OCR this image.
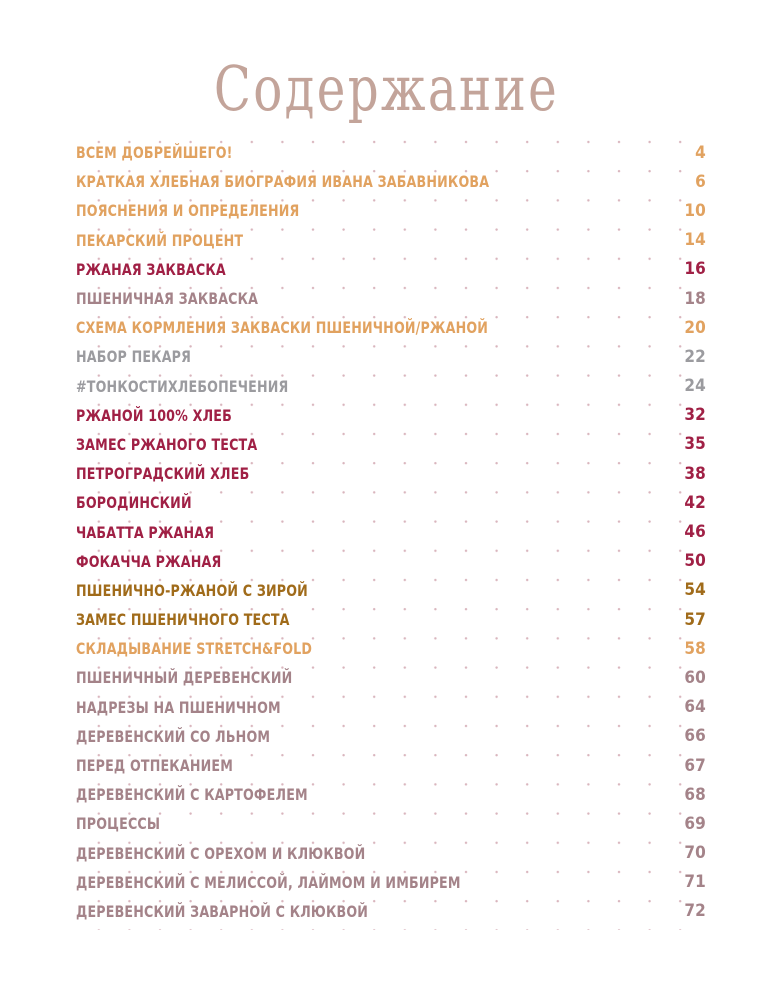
Содержание
ВСЕМ ДОБРЕЙШЕГО!	4
КРАТКАЯ ХЛЕБНАЯ БИОГРАФИЯ ИВАНА ЗАБАВНИКОВА	6
ПОЯСНЕНИЯ И ОПРЕДЕЛЕНИЯ	10
ПЕКАРСКИЙ ПРОЦЕНТ	14
РЖАНАЯ ЗАКВАСКА	16
ПШЕНИЧНАЯ ЗАКВАСКА	18
СХЕМА КОРМЛЕНИЯ ЗАКВАСКИ ПШЕНИЧНОЙ/РЖАНОЙ	20
НАБОР ПЕКАРЯ	22
#ТОНКОСТИХЛЕБОПЕЧЕНИЯ	24
РЖАНОЙ 100% ХЛЕБ	32
ЗАМЕС РЖАНОГО ТЕСТА	35
ПЕТРОГРАДСКИЙ ХЛЕБ	38
БОРОДИНСКИЙ	42
ЧАБАТТА РЖАНАЯ	46
ФОКАЧЧА РЖАНАЯ	50
ПШЕНИЧНО-РЖАНОЙ С ЗИРОЙ	54
ЗАМЕС ПШЕНИЧНОГО ТЕСТА	57
СКЛАДЫВАНИЕ STRETCH&FOLD	58
ПШЕНИЧНЫЙ ДЕРЕВЕНСКИЙ	60
НАДРЕЗЫ НА ПШЕНИЧНОМ	64
ДЕРЕВЕНСКИЙ СО ЛЬНОМ	66
ПЕРЕД ОТПЕКАНИЕМ	67
ДЕРЕВЕНСКИЙ С КАРТОФЕЛЕМ	68
ПРОЦЕССЫ	69
ДЕРЕВЕНСКИЙ С ОРЕХОМ И КЛЮКВОЙ	70
ДЕРЕВЕНСКИЙ С МЕЛИССОЙ, ЛАЙМОМ И ИМБИРЕМ	71
ДЕРЕВЕНСКИЙ ЗАВАРНОЙ С КЛЮКВОЙ	72
